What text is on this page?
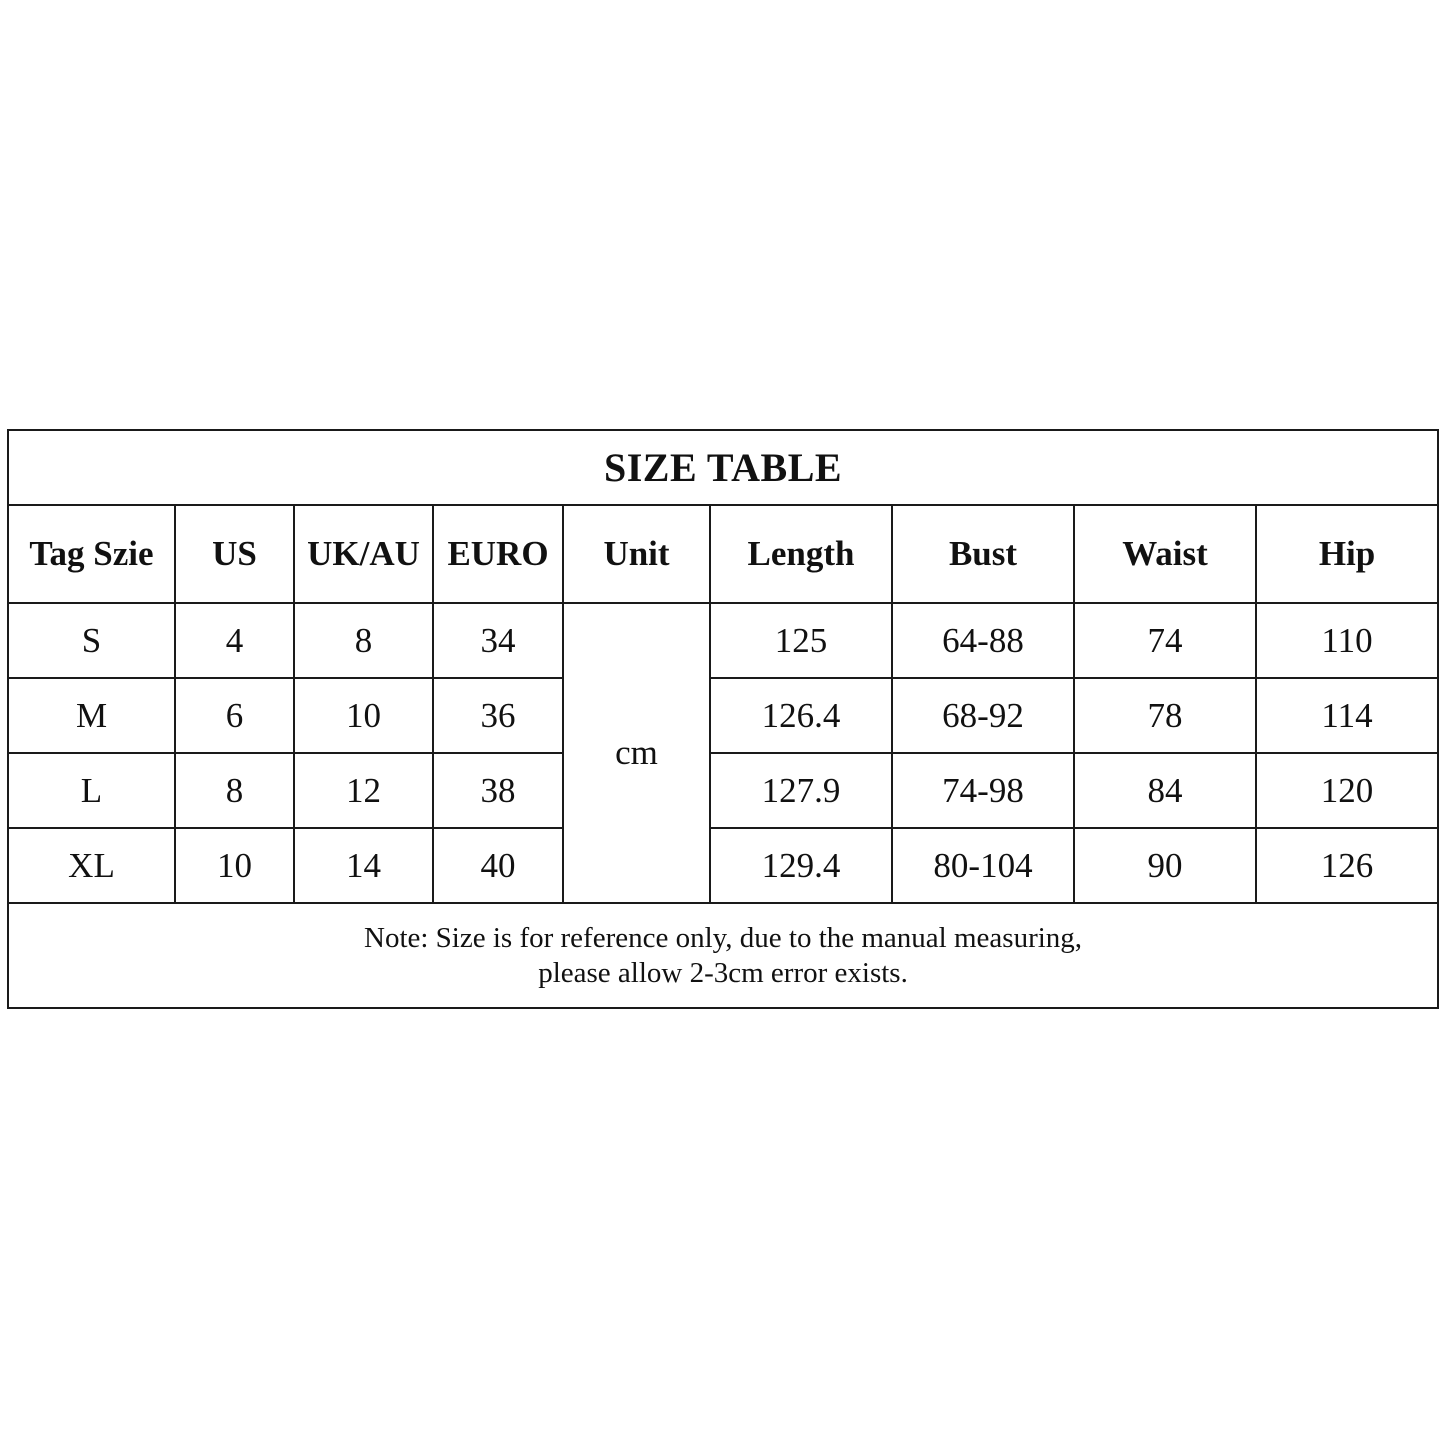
SIZE TABLE								
Tag Szie	US	UK/AU	EURO	Unit	Length	Bust	Waist	Hip
S	4	8	34	cm	125	64-88	74	110
M	6	10	36		126.4	68-92	78	114
L	8	12	38		127.9	74-98	84	120
XL	10	14	40		129.4	80-104	90	126

Note: Size is for reference only, due to the manual measuring,
please allow 2-3cm error exists.								
